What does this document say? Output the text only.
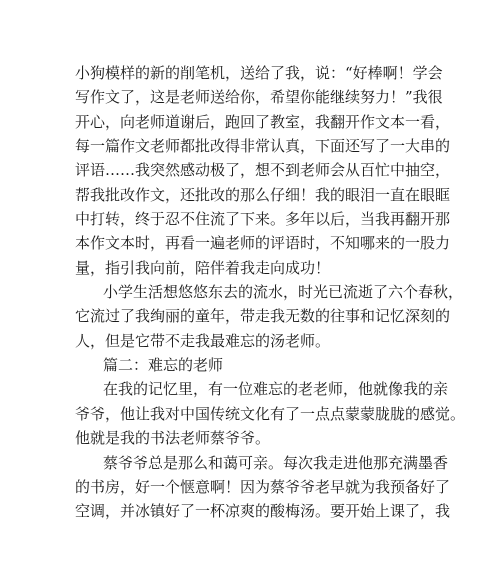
小狗模样的新的削笔机，送给了我，说：“好棒啊！学会
写作文了，这是老师送给你，希望你能继续努力！”我很
开心，向老师道谢后，跑回了教室，我翻开作文本一看，
每一篇作文老师都批改得非常认真，下面还写了一大串的
评语……我突然感动极了，想不到老师会从百忙中抽空，
帮我批改作文，还批改的那么仔细！我的眼泪一直在眼眶
中打转，终于忍不住流了下来。多年以后，当我再翻开那
本作文本时，再看一遍老师的评语时，不知哪来的一股力
量，指引我向前，陪伴着我走向成功！
小学生活想悠悠东去的流水，时光已流逝了六个春秋，
它流过了我绚丽的童年，带走我无数的往事和记忆深刻的
人，但是它带不走我最难忘的汤老师。
篇二：难忘的老师
在我的记忆里，有一位难忘的老老师，他就像我的亲
爷爷，他让我对中国传统文化有了一点点蒙蒙胧胧的感觉。
他就是我的书法老师蔡爷爷。
蔡爷爷总是那么和蔼可亲。每次我走进他那充满墨香
的书房，好一个惬意啊！因为蔡爷爷老早就为我预备好了
空调，并冰镇好了一杯凉爽的酸梅汤。要开始上课了，我
